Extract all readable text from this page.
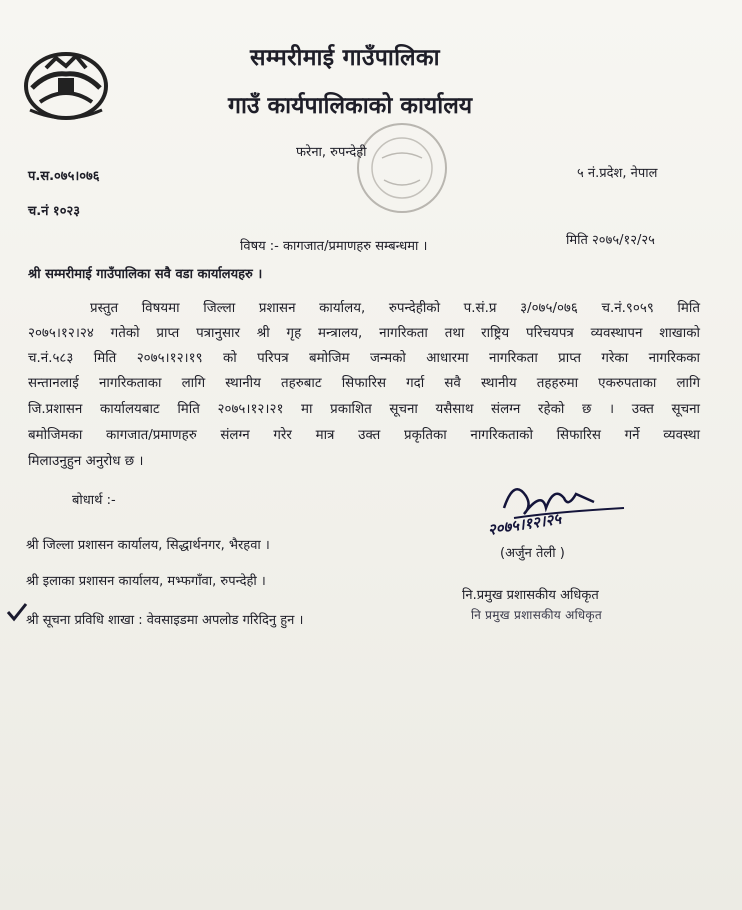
सम्मरीमाई गाउँपालिका
गाउँ कार्यपालिकाको कार्यालय
फरेना, रुपन्देही
५ नं.प्रदेश, नेपाल
प.स.०७५।०७६
च.नं १०२३
मिति २०७५/१२/२५
विषय :- कागजात/प्रमाणहरु सम्बन्धमा ।
श्री सम्मरीमाई गाउँपालिका सवै वडा कार्यालयहरु ।
प्रस्तुत विषयमा जिल्ला प्रशासन कार्यालय, रुपन्देहीको प.सं.प्र ३/०७५/०७६ च.नं.९०५९ मिति
२०७५।१२।२४ गतेको प्राप्त पत्रानुसार श्री गृह मन्त्रालय, नागरिकता तथा राष्ट्रिय परिचयपत्र व्यवस्थापन शाखाको
च.नं.५८३ मिति २०७५।१२।१९ को परिपत्र बमोजिम जन्मको आधारमा नागरिकता प्राप्त गरेका नागरिकका
सन्तानलाई नागरिकताका लागि स्थानीय तहरुबाट सिफारिस गर्दा सवै स्थानीय तहहरुमा एकरुपताका लागि
जि.प्रशासन कार्यालयबाट मिति २०७५।१२।२१ मा प्रकाशित सूचना यसैसाथ संलग्न रहेको छ । उक्त सूचना
बमोजिमका कागजात/प्रमाणहरु संलग्न गरेर मात्र उक्त प्रकृतिका नागरिकताको सिफारिस गर्ने व्यवस्था
मिलाउनुहुन अनुरोध छ ।
बोधार्थ :-
श्री जिल्ला प्रशासन कार्यालय, सिद्धार्थनगर, भैरहवा ।
श्री इलाका प्रशासन कार्यालय, मभ्फगाँवा, रुपन्देही ।
श्री सूचना प्रविधि शाखा : वेवसाइडमा अपलोड गरिदिनु हुन ।
२०७५।१२।२५
(अर्जुन तेली )
नि.प्रमुख प्रशासकीय अधिकृत
नि प्रमुख प्रशासकीय अधिकृत
